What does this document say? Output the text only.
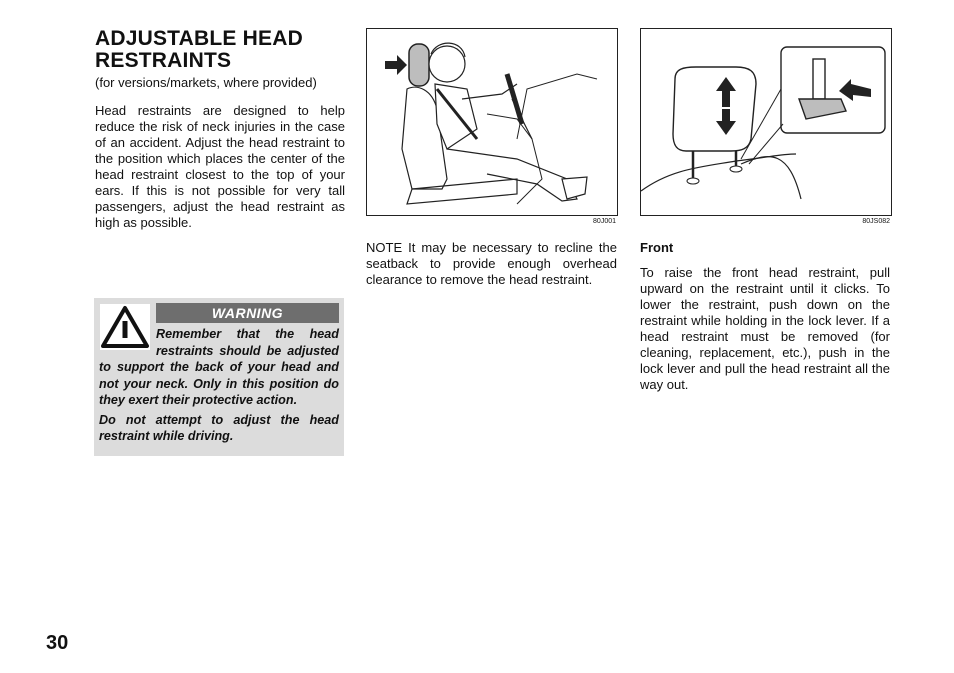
ADJUSTABLE HEAD
RESTRAINTS

(for versions/markets, where provided)

Head restraints are designed to help reduce the risk of neck injuries in the case of an accident. Adjust the head restraint to the position which places the center of the head restraint closest to the top of your ears. If this is not possible for very tall passengers, adjust the head restraint as high as possible.

WARNING

Remember that the head restraints should be adjusted to support the back of your head and not your neck. Only in this position do they exert their protective action.

Do not attempt to adjust the head restraint while driving.

80J001
NOTE It may be necessary to recline the seatback to provide enough overhead clearance to remove the head restraint.
80JS082
Front
To raise the front head restraint, pull upward on the restraint until it clicks. To lower the restraint, push down on the restraint while holding in the lock lever. If a head restraint must be removed (for cleaning, replacement, etc.), push in the lock lever and pull the head restraint all the way out.
30
